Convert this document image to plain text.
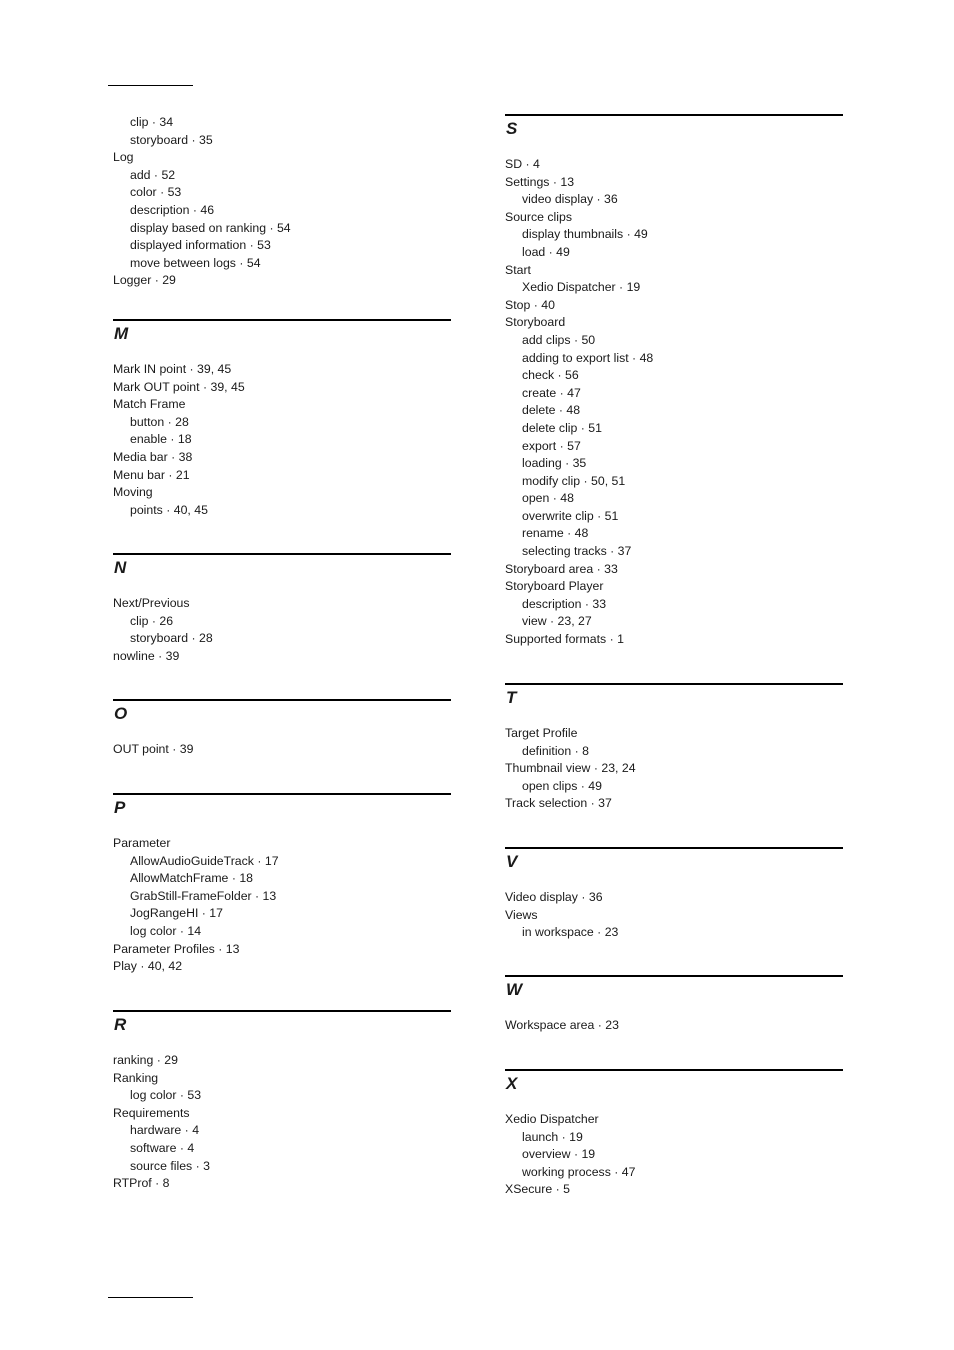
clip · 34
storyboard · 35
Log
add · 52
color · 53
description · 46
display based on ranking · 54
displayed information · 53
move between logs · 54
Logger · 29
M
Mark IN point · 39, 45
Mark OUT point · 39, 45
Match Frame
button · 28
enable · 18
Media bar · 38
Menu bar · 21
Moving
points · 40, 45
N
Next/Previous
clip · 26
storyboard · 28
nowline · 39
O
OUT point · 39
P
Parameter
AllowAudioGuideTrack · 17
AllowMatchFrame · 18
GrabStill-FrameFolder · 13
JogRangeHI · 17
log color · 14
Parameter Profiles · 13
Play · 40, 42
R
ranking · 29
Ranking
log color · 53
Requirements
hardware · 4
software · 4
source files · 3
RTProf · 8
S
SD · 4
Settings · 13
video display · 36
Source clips
display thumbnails · 49
load · 49
Start
Xedio Dispatcher · 19
Stop · 40
Storyboard
add clips · 50
adding to export list · 48
check · 56
create · 47
delete · 48
delete clip · 51
export · 57
loading · 35
modify clip · 50, 51
open · 48
overwrite clip · 51
rename · 48
selecting tracks · 37
Storyboard area · 33
Storyboard Player
description · 33
view · 23, 27
Supported formats · 1
T
Target Profile
definition · 8
Thumbnail view · 23, 24
open clips · 49
Track selection · 37
V
Video display · 36
Views
in workspace · 23
W
Workspace area · 23
X
Xedio Dispatcher
launch · 19
overview · 19
working process · 47
XSecure · 5
